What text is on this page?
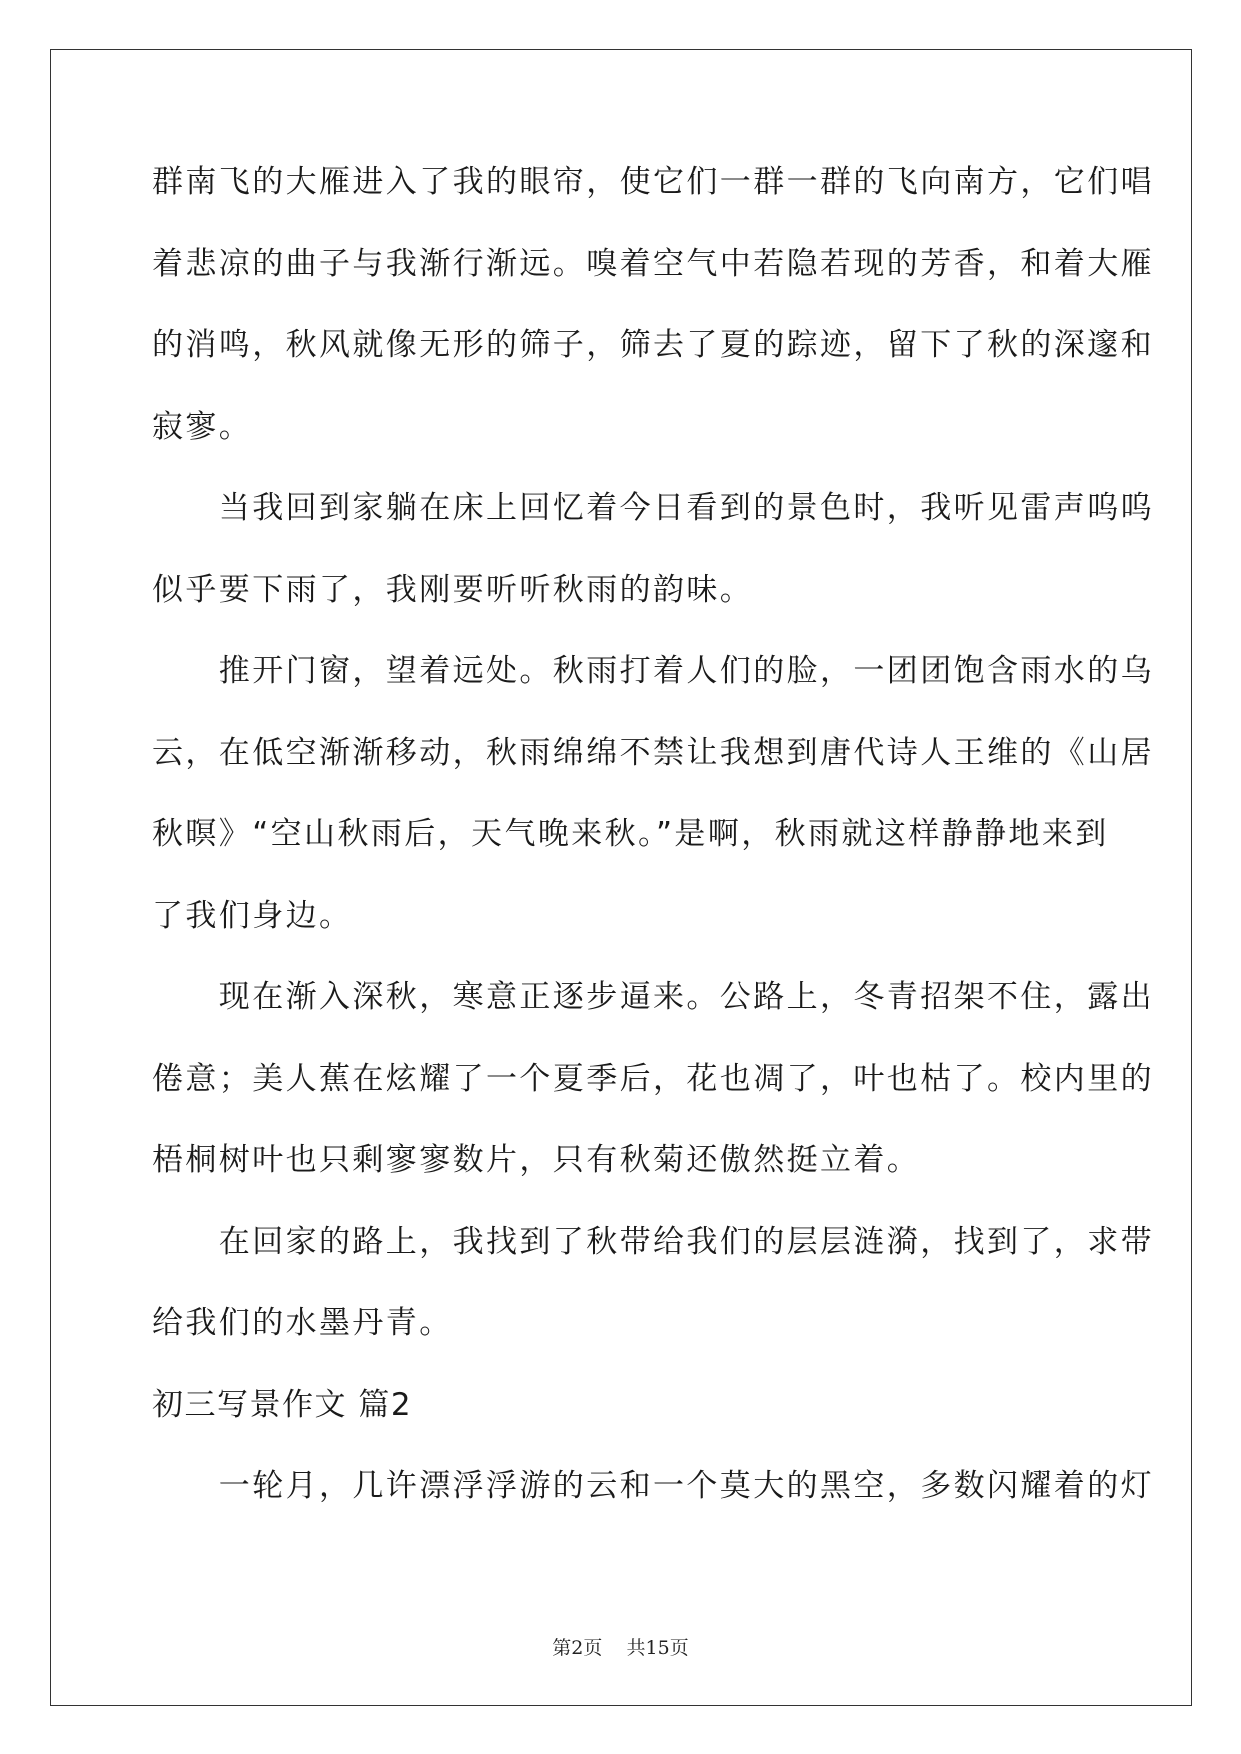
群南飞的大雁进入了我的眼帘，使它们一群一群的飞向南方，它们唱
着悲凉的曲子与我渐行渐远。嗅着空气中若隐若现的芳香，和着大雁
的消鸣，秋风就像无形的筛子，筛去了夏的踪迹，留下了秋的深邃和
寂寥。
　　当我回到家躺在床上回忆着今日看到的景色时，我听见雷声呜呜
似乎要下雨了，我刚要听听秋雨的韵味。
　　推开门窗，望着远处。秋雨打着人们的脸，一团团饱含雨水的乌
云，在低空渐渐移动，秋雨绵绵不禁让我想到唐代诗人王维的《山居
秋暝》“空山秋雨后，天气晚来秋。”是啊，秋雨就这样静静地来到
了我们身边。
　　现在渐入深秋，寒意正逐步逼来。公路上，冬青招架不住，露出
倦意；美人蕉在炫耀了一个夏季后，花也凋了，叶也枯了。校内里的
梧桐树叶也只剩寥寥数片，只有秋菊还傲然挺立着。
　　在回家的路上，我找到了秋带给我们的层层涟漪，找到了，求带
给我们的水墨丹青。
初三写景作文 篇2
　　一轮月，几许漂浮浮游的云和一个莫大的黑空，多数闪耀着的灯
第2页 共15页
